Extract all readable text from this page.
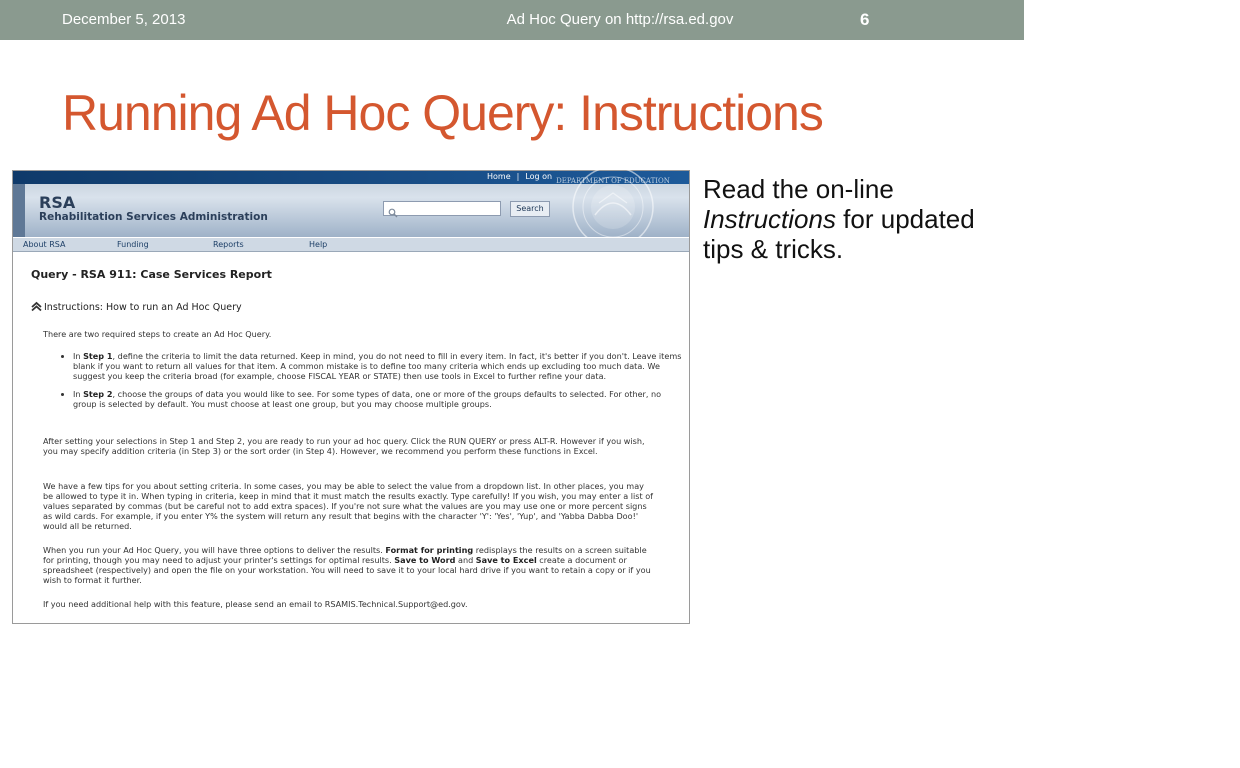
December 5, 2013	Ad Hoc Query on http://rsa.ed.gov	6
Running Ad Hoc Query: Instructions
Home | Log on
RSA
Rehabilitation Services Administration
Search
DEPARTMENT OF EDUCATION
About RSA	Funding	Reports	Help
Query - RSA 911: Case Services Report
Instructions: How to run an Ad Hoc Query

There are two required steps to create an Ad Hoc Query.

• In Step 1, define the criteria to limit the data returned. Keep in mind, you do not need to fill in every item. In fact, it's better if you don't. Leave items blank if you want to return all values for that item. A common mistake is to define too many criteria which ends up excluding too much data. We suggest you keep the criteria broad (for example, choose FISCAL YEAR or STATE) then use tools in Excel to further refine your data.
• In Step 2, choose the groups of data you would like to see. For some types of data, one or more of the groups defaults to selected. For other, no group is selected by default. You must choose at least one group, but you may choose multiple groups.

After setting your selections in Step 1 and Step 2, you are ready to run your ad hoc query. Click the RUN QUERY or press ALT-R. However if you wish, you may specify addition criteria (in Step 3) or the sort order (in Step 4). However, we recommend you perform these functions in Excel.

We have a few tips for you about setting criteria. In some cases, you may be able to select the value from a dropdown list. In other places, you may be allowed to type it in. When typing in criteria, keep in mind that it must match the results exactly. Type carefully! If you wish, you may enter a list of values separated by commas (but be careful not to add extra spaces). If you're not sure what the values are you may use one or more percent signs as wild cards. For example, if you enter Y% the system will return any result that begins with the character 'Y': 'Yes', 'Yup', and 'Yabba Dabba Doo!' would all be returned.

When you run your Ad Hoc Query, you will have three options to deliver the results. Format for printing redisplays the results on a screen suitable for printing, though you may need to adjust your printer's settings for optimal results. Save to Word and Save to Excel create a document or spreadsheet (respectively) and open the file on your workstation. You will need to save it to your local hard drive if you want to retain a copy or if you wish to format it further.

If you need additional help with this feature, please send an email to RSAMIS.Technical.Support@ed.gov.

Read the on-line
Instructions for updated tips & tricks.
